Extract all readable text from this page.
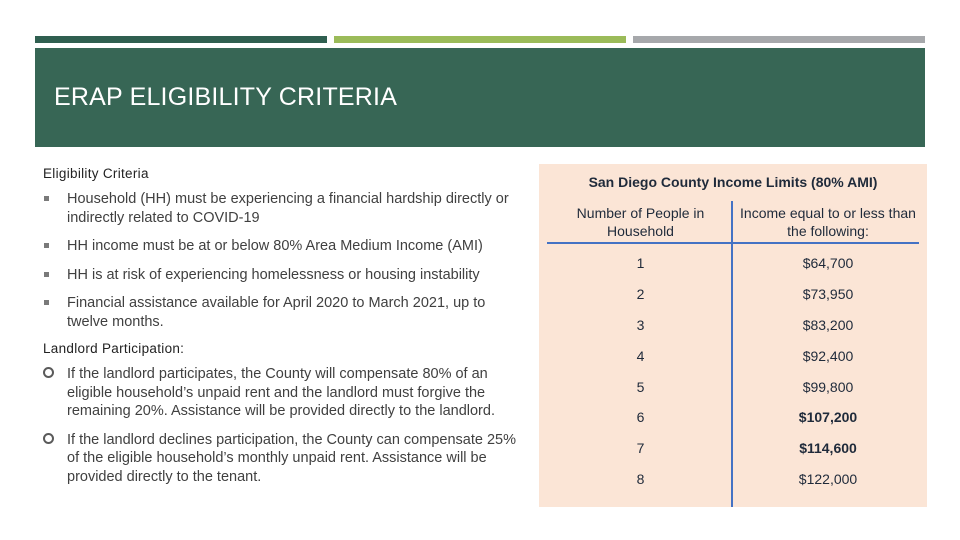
ERAP ELIGIBILITY CRITERIA
Eligibility Criteria
Household (HH) must be experiencing a financial hardship directly or indirectly related to COVID-19
HH income must be at or below 80% Area Medium Income (AMI)
HH is at risk of experiencing homelessness or housing instability
Financial assistance available for April 2020 to March 2021, up to twelve months.
Landlord Participation:
If the landlord participates, the County will compensate 80% of an eligible household’s unpaid rent and the landlord must forgive the remaining 20%. Assistance will be provided directly to the landlord.
If the landlord declines participation, the County can compensate 25% of the eligible household’s monthly unpaid rent. Assistance will be provided directly to the tenant.
San Diego County Income Limits (80% AMI)
Number of People in Household
Income equal to or less than the following:
1	$64,700
2	$73,950
3	$83,200
4	$92,400
5	$99,800
6	$107,200
7	$114,600
8	$122,000
